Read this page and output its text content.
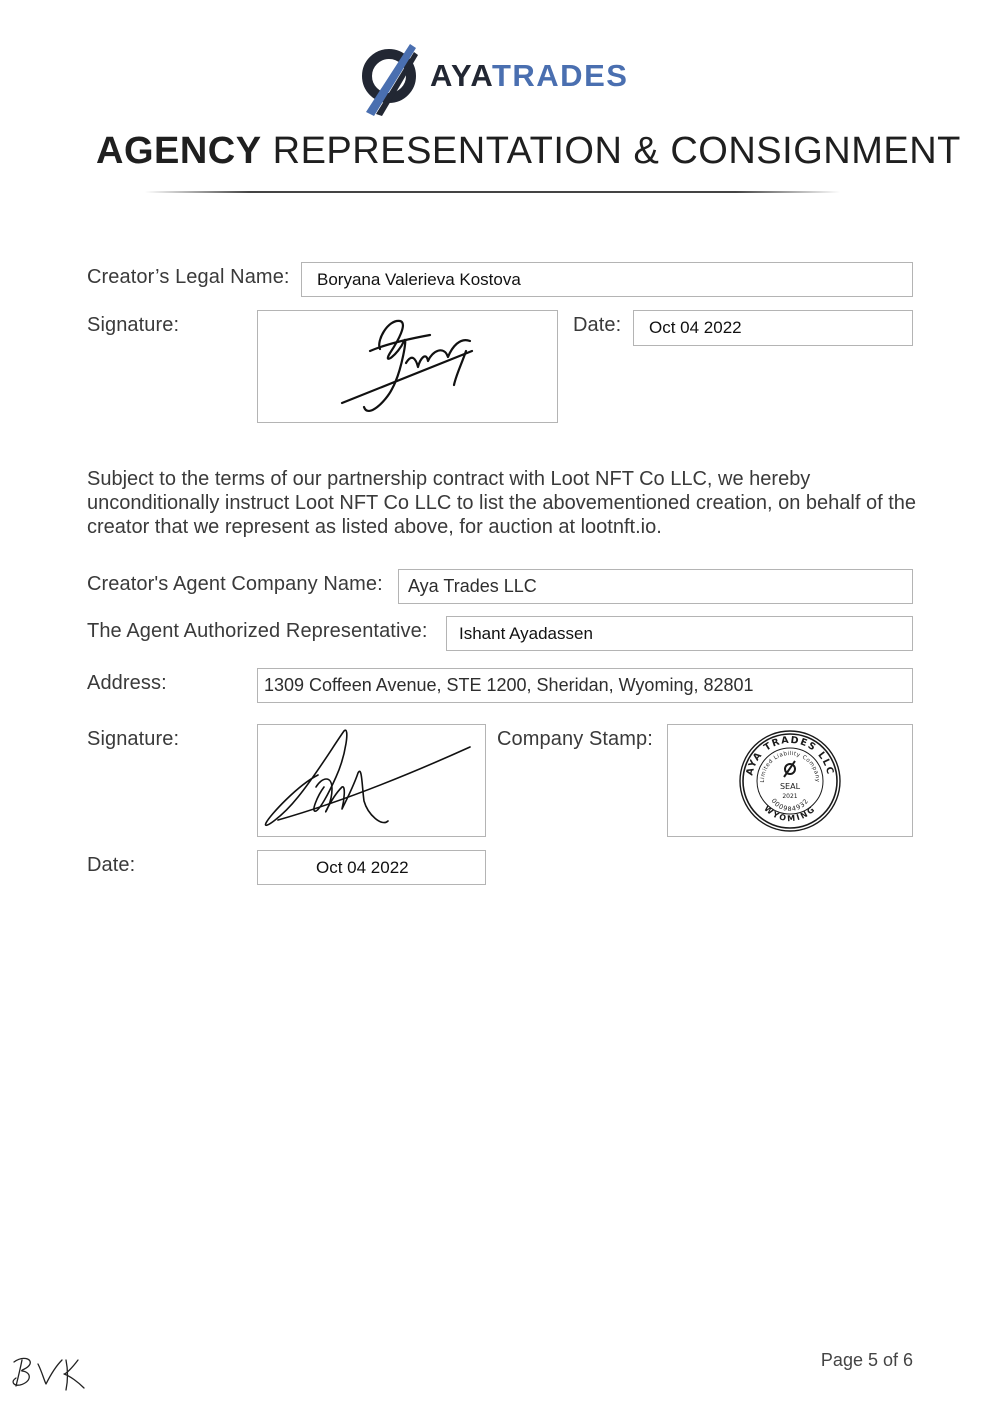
AYATRADES
AGENCY REPRESENTATION & CONSIGNMENT
Creator’s Legal Name: Boryana Valerieva Kostova
Signature:	Date: Oct 04 2022
Subject to the terms of our partnership contract with Loot NFT Co LLC, we hereby unconditionally instruct Loot NFT Co LLC to list the abovementioned creation, on behalf of the creator that we represent as listed above, for auction at lootnft.io.
Creator's Agent Company Name: Aya Trades LLC
The Agent Authorized Representative: Ishant Ayadassen
Address:	1309 Coffeen Avenue, STE 1200, Sheridan, Wyoming, 82801
Signature:	Company Stamp:
AYA TRADES LLC
WYOMING
Limited Liability Company
000984932
SEAL
2021
Date:	Oct 04 2022
Page 5 of 6
